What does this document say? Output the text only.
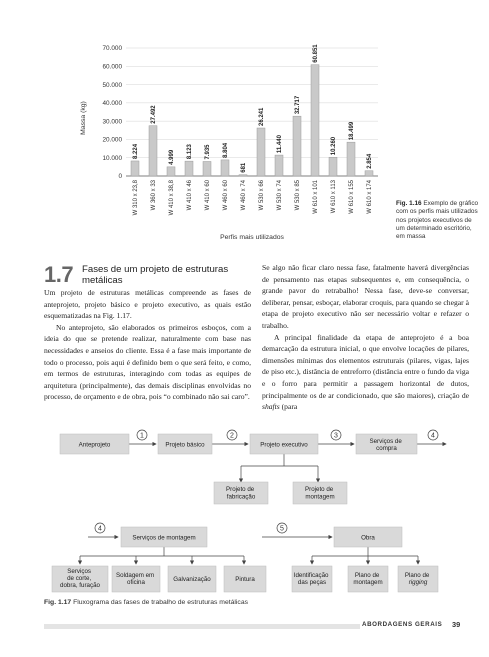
0
10.000
20.000
30.000
40.000
50.000
60.000
70.000
8.224
W 310 x 23,8
27.492
W 360 x 33
4.999
W 410 x 38,8
8.123
W 410 x 46
7.935
W 410 x 60
8.804
W 460 x 60
681
W 460 x 74
26.241
W 530 x 66
11.440
W 530 x 74
32.717
W 530 x 85
60.851
W 610 x 101
10.260
W 610 x 113
18.499
W 610 x 155
2.854
W 610 x 174
Massa (kg)
Perfis mais utilizados
Fig. 1.16 Exemplo de gráfico com os perfis mais utilizados nos projetos executivos de um determinado escritório, em massa
1.7 Fases de um projeto de estruturas metálicas

Um projeto de estruturas metálicas compreende as fases de anteprojeto, projeto básico e projeto executivo, as quais estão esquematizadas na Fig. 1.17.

No anteprojeto, são elaborados os primeiros esboços, com a ideia do que se pretende realizar, naturalmente com base nas necessidades e anseios do cliente. Essa é a fase mais importante de todo o processo, pois aqui é definido bem o que será feito, e como, em termos de estruturas, interagindo com todas as equipes de arquitetura (principalmente), das demais disciplinas envolvidas no processo, de orçamento e de obra, pois “o combinado não sai caro”.

Se algo não ficar claro nessa fase, fatalmente haverá divergências de pensamento nas etapas subsequentes e, em consequência, o grande pavor do retrabalho! Nessa fase, deve-se conversar, deliberar, pensar, esboçar, elaborar croquis, para quando se chegar à etapa de projeto executivo não ser necessário voltar e refazer o trabalho.

A principal finalidade da etapa de anteprojeto é a boa demarcação da estrutura inicial, o que envolve locações de pilares, dimensões mínimas dos elementos estruturais (pilares, vigas, lajes de piso etc.), distância de entreforro (distância entre o fundo da viga e o forro para permitir a passagem horizontal de dutos, principalmente os de ar condicionado, que são maiores), criação de shafts (para

1	2	3	4
4	5
Anteprojeto	Projeto básico	Projeto executivo	Serviços de compra
Projeto de fabricação
Projeto de montagem
Serviços de montagem	Obra
Serviços de corte, dobra, furação
Soldagem em oficina	Galvanização	Pintura
Identificação das peças
Plano de montagem
Plano de rigging
Fig. 1.17 Fluxograma das fases de trabalho de estruturas metálicas
ABORDAGENS GERAIS 39
